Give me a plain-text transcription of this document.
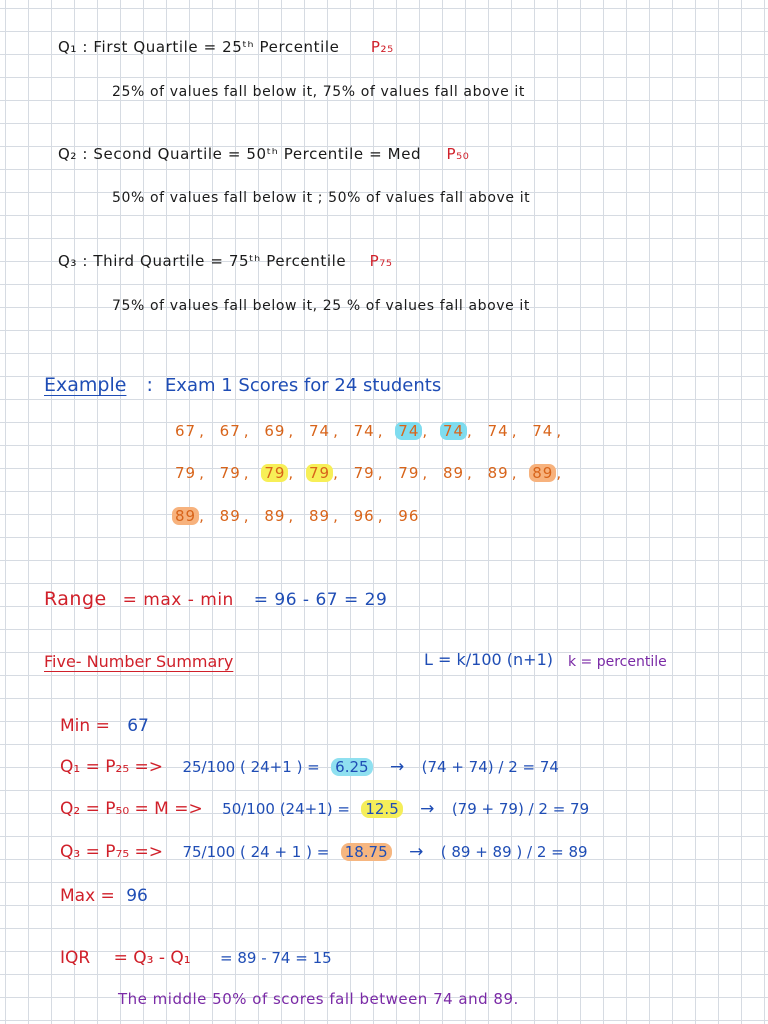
Q₁ : First Quartile = 25ᵗʰ Percentile P₂₅
25% of values fall below it, 75% of values fall above it
Q₂ : Second Quartile = 50ᵗʰ Percentile = Med P₅₀
50% of values fall below it ; 50% of values fall above it
Q₃ : Third Quartile = 75ᵗʰ Percentile P₇₅
75% of values fall below it, 25 % of values fall above it
Example : Exam 1 Scores for 24 students
67 , 67 , 69 , 74 , 74 , 74 , 74 , 74 , 74 ,
79 , 79 , 79 , 79 , 79 , 79 , 89 , 89 , 89 ,
89 , 89 , 89 , 89 , 96 , 96
Range = max - min = 96 - 67 = 29
Five- Number Summary	L = k/100 (n+1) k = percentile
Min = 67
Q₁ = P₂₅ => 25/100 ( 24+1 ) = 6.25 → (74 + 74) / 2 = 74
Q₂ = P₅₀ = M => 50/100 (24+1) = 12.5 → (79 + 79) / 2 = 79
Q₃ = P₇₅ => 75/100 ( 24 + 1 ) = 18.75 → ( 89 + 89 ) / 2 = 89
Max = 96
IQR = Q₃ - Q₁ = 89 - 74 = 15
The middle 50% of scores fall between 74 and 89.
